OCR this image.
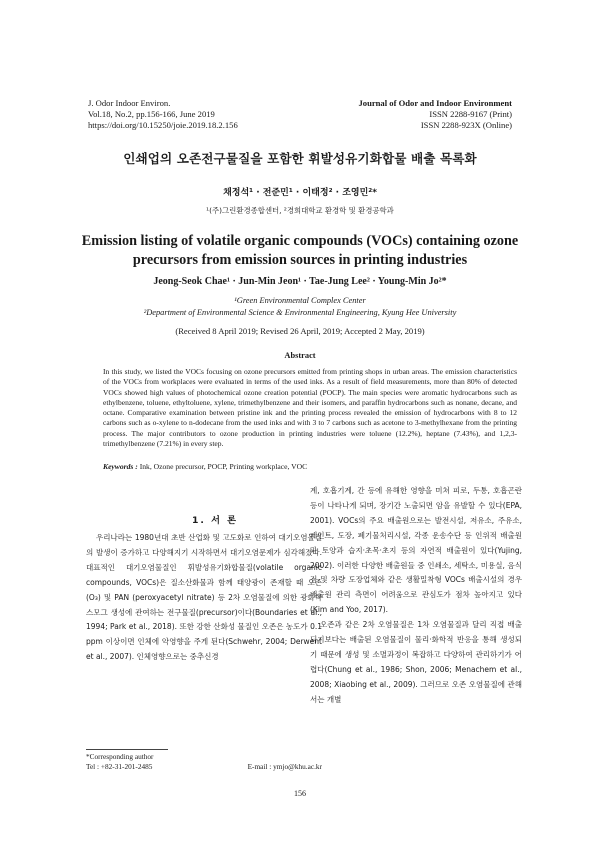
J. Odor Indoor Environ.
Vol.18, No.2, pp.156-166, June 2019
https://doi.org/10.15250/joie.2019.18.2.156
Journal of Odor and Indoor Environment
ISSN 2288-9167 (Print)
ISSN 2288-923X (Online)
인쇄업의 오존전구물질을 포함한 휘발성유기화합물 배출 목록화
채정석¹ · 전준민¹ · 이태정² · 조영민²*
¹(주)그린환경종합센터, ²경희대학교 환경학 및 환경공학과
Emission listing of volatile organic compounds (VOCs) containing ozone precursors from emission sources in printing industries
Jeong-Seok Chae¹ · Jun-Min Jeon¹ · Tae-Jung Lee² · Young-Min Jo²*
¹Green Environmental Complex Center
²Department of Environmental Science & Environmental Engineering, Kyung Hee University
(Received 8 April 2019; Revised 26 April, 2019; Accepted 2 May, 2019)
Abstract
In this study, we listed the VOCs focusing on ozone precursors emitted from printing shops in urban areas. The emission characteristics of the VOCs from workplaces were evaluated in terms of the used inks. As a result of field measurements, more than 80% of detected VOCs showed high values of photochemical ozone creation potential (POCP). The main species were aromatic hydrocarbons such as ethylbenzene, toluene, ethyltoluene, xylene, trimethylbenzene and their isomers, and paraffin hydrocarbons such as nonane, decane, and octane. Comparative examination between pristine ink and the printing process revealed the emission of hydrocarbons with 8 to 12 carbons such as o-xylene to n-dodecane from the used inks and with 3 to 7 carbons such as acetone to 3-methylhexane from the printing process. The major contributors to ozone production in printing industries were toluene (12.2%), heptane (7.43%), and 1,2,3-trimethylbenzene (7.21%) in every step.
Keywords : Ink, Ozone precursor, POCP, Printing workplace, VOC
1. 서 론

우리나라는 1980년대 초반 산업화 및 고도화로 인하여 대기오염물질의 발생이 증가하고 다양해지기 시작하면서 대기오염문제가 심각해졌다. 대표적인 대기오염물질인 휘발성유기화합물질(volatile organic compounds, VOCs)은 질소산화물과 함께 태양광이 존재할 때 오존(O₃) 및 PAN (peroxyacetyl nitrate) 등 2차 오염물질에 의한 광화학 스모그 생성에 관여하는 전구물질(precursor)이다(Boundaries et al., 1994; Park et al., 2018). 또한 강한 산화성 물질인 오존은 농도가 0.1 ppm 이상이면 인체에 악영향을 주게 된다(Schwehr, 2004; Derwent et al., 2007). 인체영향으로는 중추신경

계, 호흡기계, 간 등에 유해한 영향을 미쳐 피로, 두통, 호흡곤란 등이 나타나게 되며, 장기간 노출되면 암을 유발할 수 있다(EPA, 2001). VOCs의 주요 배출원으로는 발전시설, 저유소, 주유소, 페인트, 도장, 폐기물처리시설, 각종 운송수단 등 인위적 배출원과 토양과 습지·초목·초지 등의 자연적 배출원이 있다(Yujing, 2002). 이러한 다양한 배출원들 중 인쇄소, 세탁소, 미용실, 음식점 및 차량 도장업체와 같은 생활밀착형 VOCs 배출시설의 경우 배출원 관리 측면이 어려움으로 관심도가 점차 높아지고 있다(Kim and Yoo, 2017).

오존과 같은 2차 오염물질은 1차 오염물질과 달리 직접 배출되기보다는 배출된 오염물질이 물리·화학적 반응을 통해 생성되기 때문에 생성 및 소멸과정이 복잡하고 다양하여 관리하기가 어렵다(Chung et al., 1986; Shon, 2006; Menachem et al., 2008; Xiaobing et al., 2009). 그러므로 오존 오염물질에 관해서는 개별

*Corresponding author
Tel : +82-31-201-2485	E-mail : ymjo@khu.ac.kr
156
